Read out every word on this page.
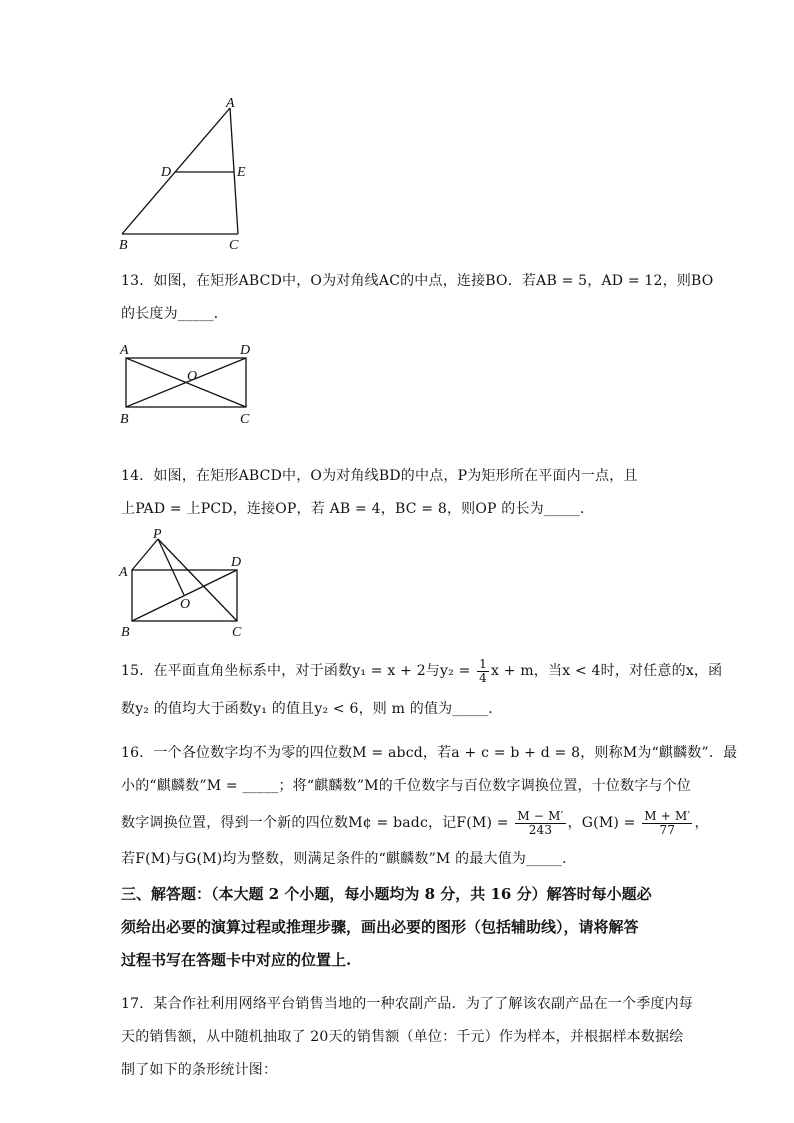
A
D	E
B	C
13．如图，在矩形ABCD中，O为对角线AC的中点，连接BO．若AB = 5，AD = 12，则BO
的长度为_____．
A	D
O
B	C
14．如图，在矩形ABCD中，O为对角线BD的中点，P为矩形所在平面内一点，且
上PAD = 上PCD，连接OP，若 AB = 4，BC = 8，则OP 的长为_____．
P
A
D
O
B	C
15．在平面直角坐标系中，对于函数y₁ = x + 2与$y_2 = \frac{1}{4}$ x + m，当x < 4时，对任意的x，函
数y₂ 的值均大于函数y₁ 的值且y₂ < 6，则 m 的值为_____．
16．一个各位数字均不为零的四位数M = abcd，若a + c = b + d = 8，则称M为“麒麟数”．最
小的“麒麟数”M = _____；将“麒麟数”M的千位数字与百位数字调换位置，十位数字与个位
数字调换位置，得到一个新的四位数M¢ = badc，记$F(M) = \frac{M - M'}{243}$ ，$G(M) = \frac{M + M'}{77}$ ，
若F(M)与G(M)均为整数，则满足条件的“麒麟数”M 的最大值为_____．
三、解答题：（本大题 2 个小题，每小题均为 8 分，共 16 分）解答时每小题必
须给出必要的演算过程或推理步骤，画出必要的图形（包括辅助线），请将解答
过程书写在答题卡中对应的位置上.
17．某合作社利用网络平台销售当地的一种农副产品．为了了解该农副产品在一个季度内每
天的销售额，从中随机抽取了 20天的销售额（单位：千元）作为样本，并根据样本数据绘
制了如下的条形统计图：
